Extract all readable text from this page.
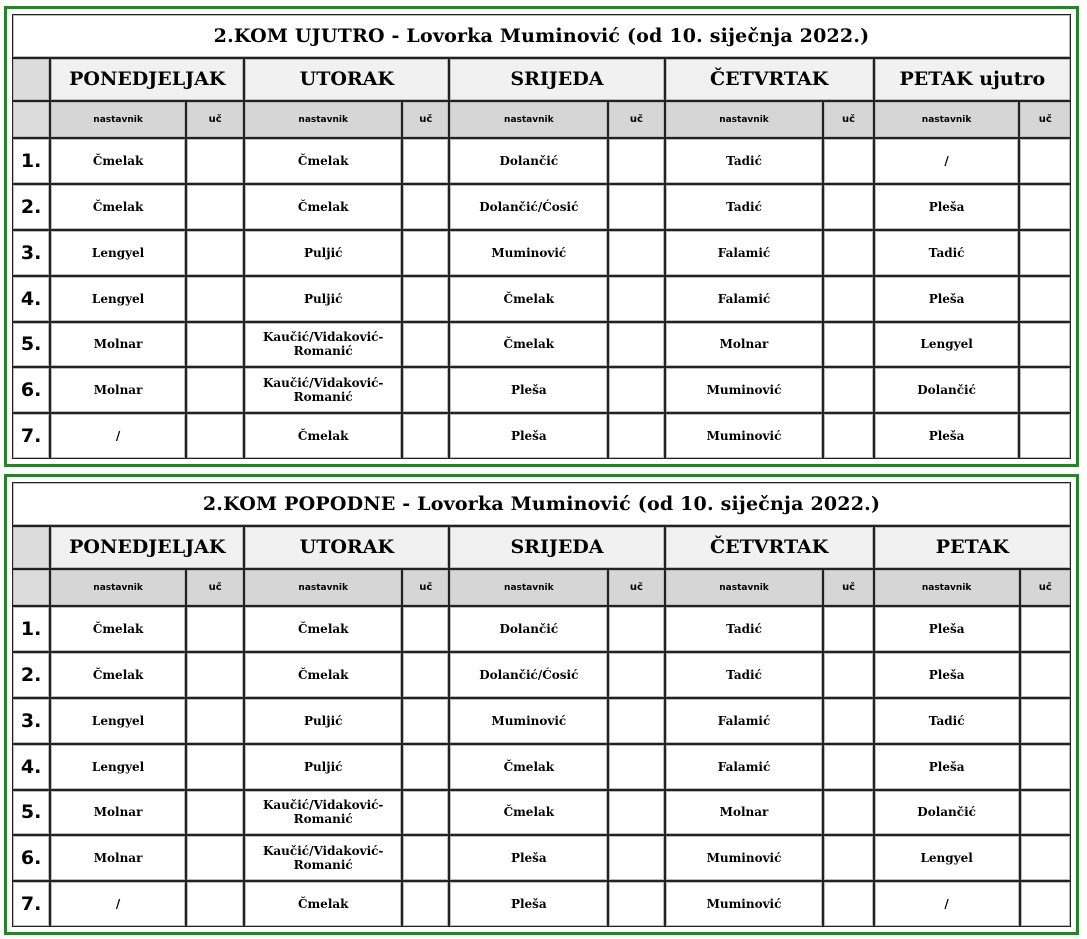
2.KOM UJUTRO - Lovorka Muminović (od 10. siječnja 2022.)										
	PONEDJELJAK		UTORAK		SRIJEDA		ČETVRTAK		PETAK ujutro	
	nastavnik	uč	nastavnik	uč	nastavnik	uč	nastavnik	uč	nastavnik	uč
1.	Čmelak		Čmelak		Dolančić		Tadić		/	
2.	Čmelak		Čmelak		Dolančić/Ćosić		Tadić		Pleša	
3.	Lengyel		Puljić		Muminović		Falamić		Tadić	
4.	Lengyel		Puljić		Čmelak		Falamić		Pleša	
5.	Molnar		Kaučić/Vidaković-Romanić		Čmelak		Molnar		Lengyel	
6.	Molnar		Kaučić/Vidaković-Romanić		Pleša		Muminović		Dolančić	
7.	/		Čmelak		Pleša		Muminović		Pleša	
2.KOM POPODNE - Lovorka Muminović (od 10. siječnja 2022.)										
	PONEDJELJAK		UTORAK		SRIJEDA		ČETVRTAK		PETAK	
	nastavnik	uč	nastavnik	uč	nastavnik	uč	nastavnik	uč	nastavnik	uč
1.	Čmelak		Čmelak		Dolančić		Tadić		Pleša	
2.	Čmelak		Čmelak		Dolančić/Ćosić		Tadić		Pleša	
3.	Lengyel		Puljić		Muminović		Falamić		Tadić	
4.	Lengyel		Puljić		Čmelak		Falamić		Pleša	
5.	Molnar		Kaučić/Vidaković-Romanić		Čmelak		Molnar		Dolančić	
6.	Molnar		Kaučić/Vidaković-Romanić		Pleša		Muminović		Lengyel	
7.	/		Čmelak		Pleša		Muminović		/	
